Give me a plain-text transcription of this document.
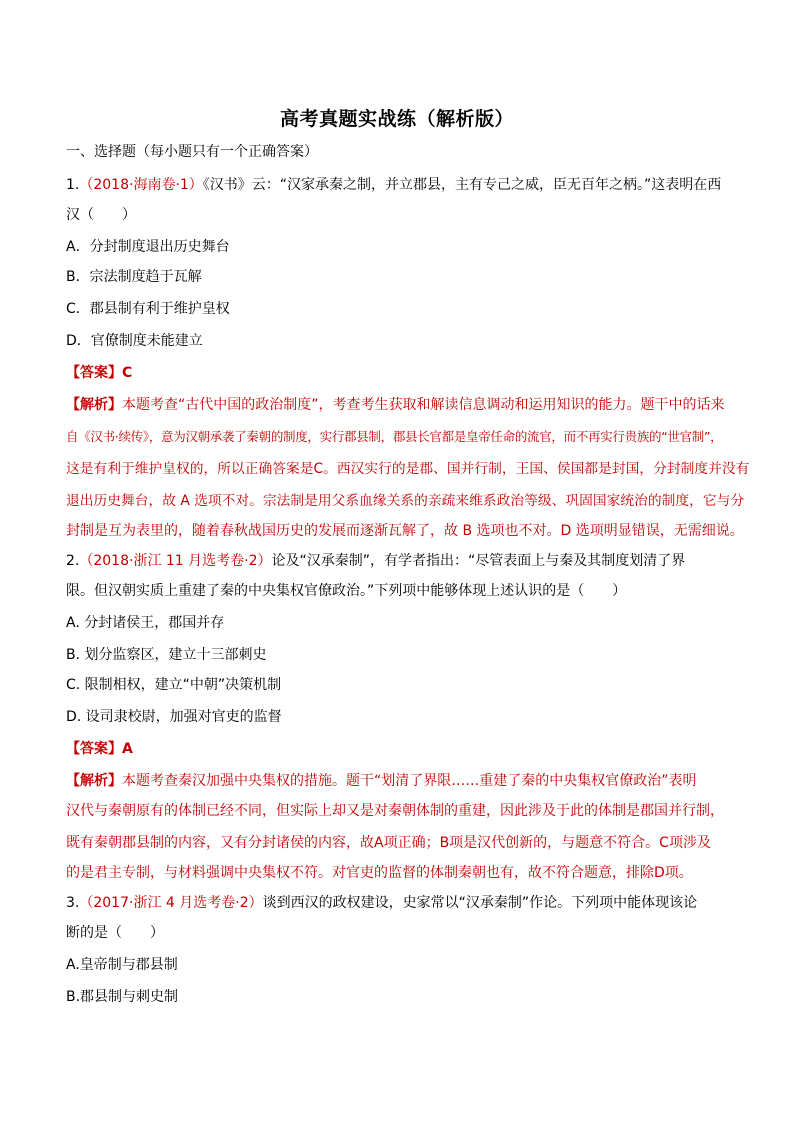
高考真题实战练（解析版）
一、选择题（每小题只有一个正确答案）
1.（2018·海南卷·1）《汉书》云：“汉家承秦之制，并立郡县，主有专己之威，臣无百年之柄。”这表明在西
汉（　　）
A．分封制度退出历史舞台
B．宗法制度趋于瓦解
C．郡县制有利于维护皇权
D．官僚制度未能建立
【答案】C
【解析】本题考查“古代中国的政治制度”，考查考生获取和解读信息调动和运用知识的能力。题干中的话来
自《汉书·续传》，意为汉朝承袭了秦朝的制度，实行郡县制，郡县长官都是皇帝任命的流官，而不再实行贵族的“世官制”，
这是有利于维护皇权的，所以正确答案是C。西汉实行的是郡、国并行制，王国、侯国都是封国，分封制度并没有
退出历史舞台，故 A 选项不对。宗法制是用父系血缘关系的亲疏来维系政治等级、巩固国家统治的制度，它与分
封制是互为表里的，随着春秋战国历史的发展而逐渐瓦解了，故 B 选项也不对。D 选项明显错误，无需细说。
2.（2018·浙江 11 月选考卷·2）论及“汉承秦制”，有学者指出：“尽管表面上与秦及其制度划清了界
限。但汉朝实质上重建了秦的中央集权官僚政治。”下列项中能够体现上述认识的是（　　）
A. 分封诸侯王，郡国并存
B. 划分监察区，建立十三部刺史
C. 限制相权，建立“中朝”决策机制
D. 设司隶校尉，加强对官吏的监督
【答案】A
【解析】本题考查秦汉加强中央集权的措施。题干“划清了界限……重建了秦的中央集权官僚政治”表明
汉代与秦朝原有的体制已经不同，但实际上却又是对秦朝体制的重建，因此涉及于此的体制是郡国并行制，
既有秦朝郡县制的内容，又有分封诸侯的内容，故A项正确；B项是汉代创新的，与题意不符合。C项涉及
的是君主专制，与材料强调中央集权不符。对官吏的监督的体制秦朝也有，故不符合题意，排除D项。
3.（2017·浙江 4 月选考卷·2）谈到西汉的政权建设，史家常以“汉承秦制”作论。下列项中能体现该论
断的是（　　）
A.皇帝制与郡县制
B.郡县制与刺史制
